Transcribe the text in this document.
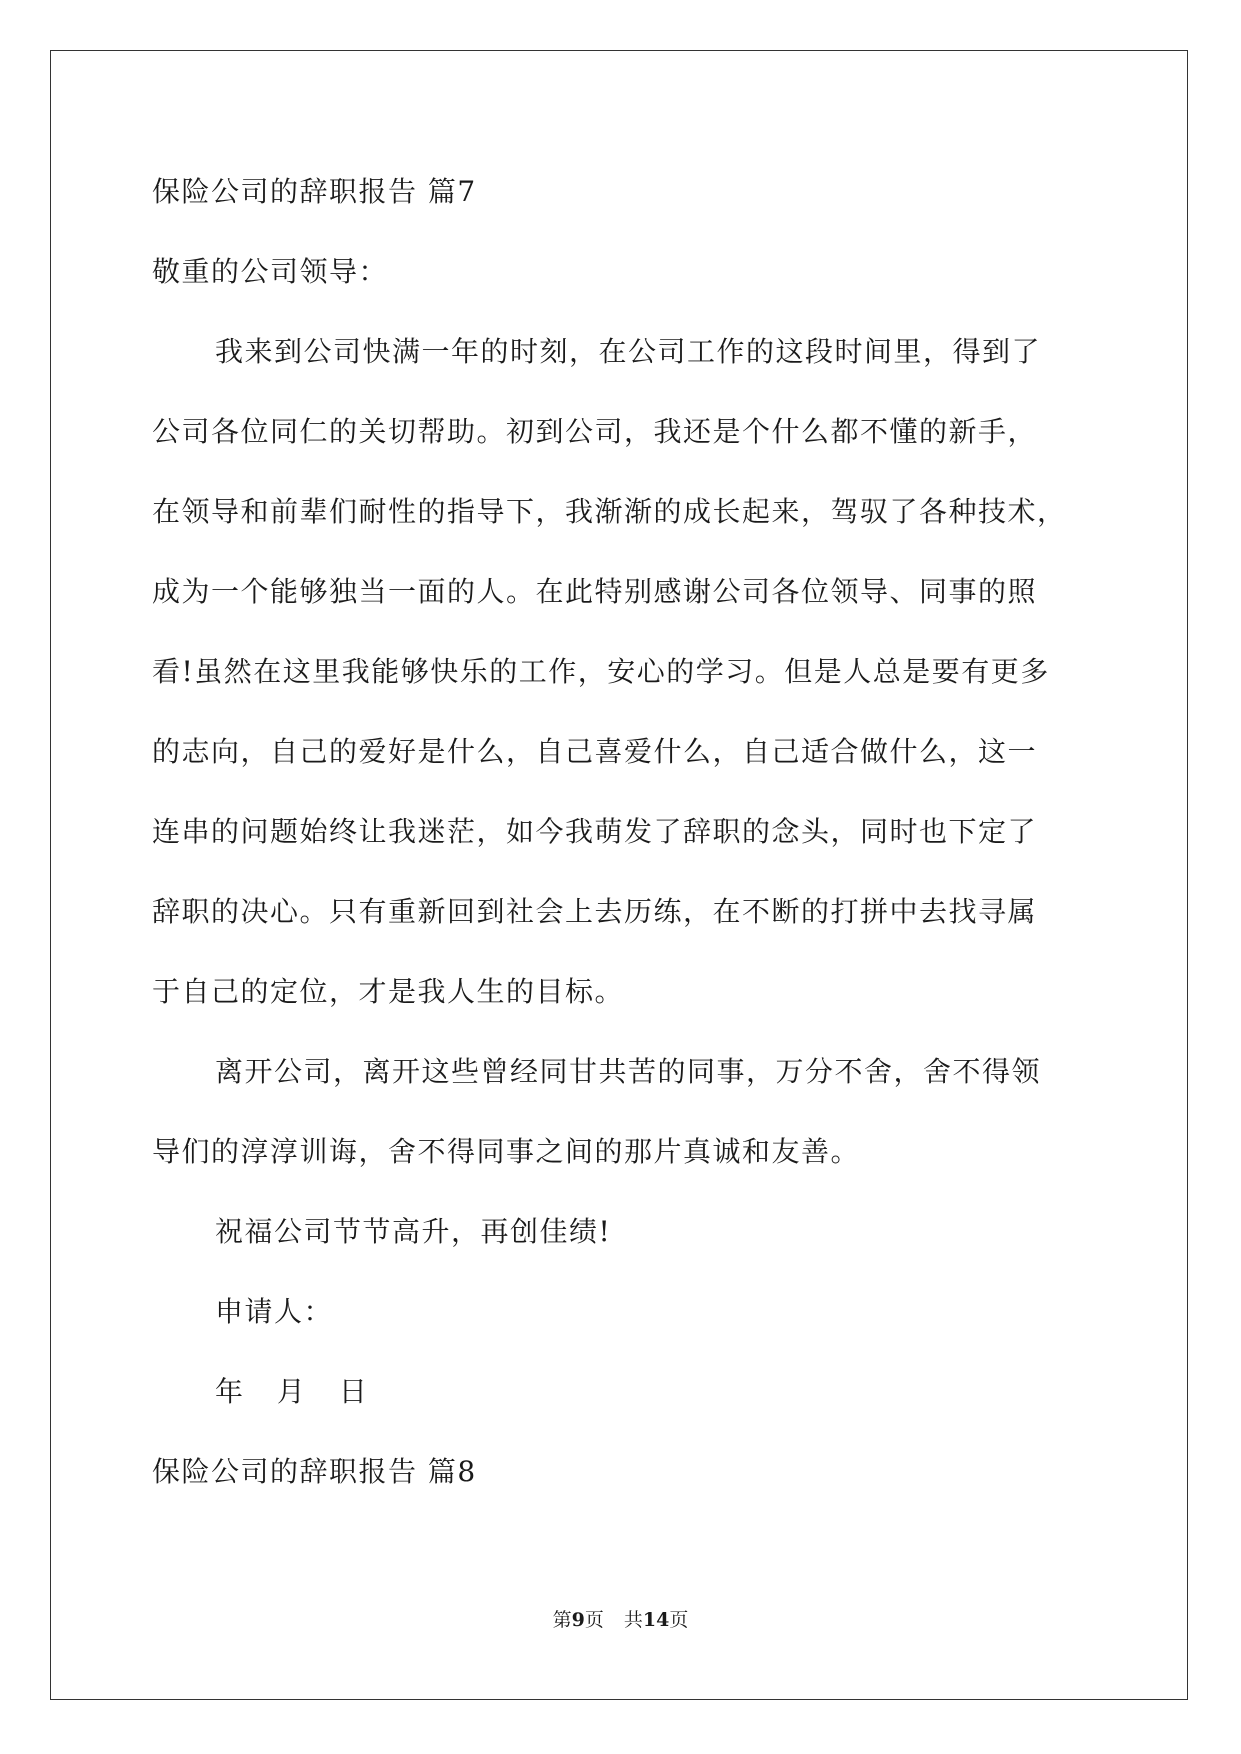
保险公司的辞职报告 篇7
敬重的公司领导：
我来到公司快满一年的时刻，在公司工作的这段时间里，得到了
公司各位同仁的关切帮助。初到公司，我还是个什么都不懂的新手，
在领导和前辈们耐性的指导下，我渐渐的成长起来，驾驭了各种技术，
成为一个能够独当一面的人。在此特别感谢公司各位领导、同事的照
看!虽然在这里我能够快乐的工作，安心的学习。但是人总是要有更多
的志向，自己的爱好是什么，自己喜爱什么，自己适合做什么，这一
连串的问题始终让我迷茫，如今我萌发了辞职的念头，同时也下定了
辞职的决心。只有重新回到社会上去历练，在不断的打拼中去找寻属
于自己的定位，才是我人生的目标。
离开公司，离开这些曾经同甘共苦的同事，万分不舍，舍不得领
导们的淳淳训诲，舍不得同事之间的那片真诚和友善。
祝福公司节节高升，再创佳绩!
申请人：
年 月 日
保险公司的辞职报告 篇8
第9页 共14页
